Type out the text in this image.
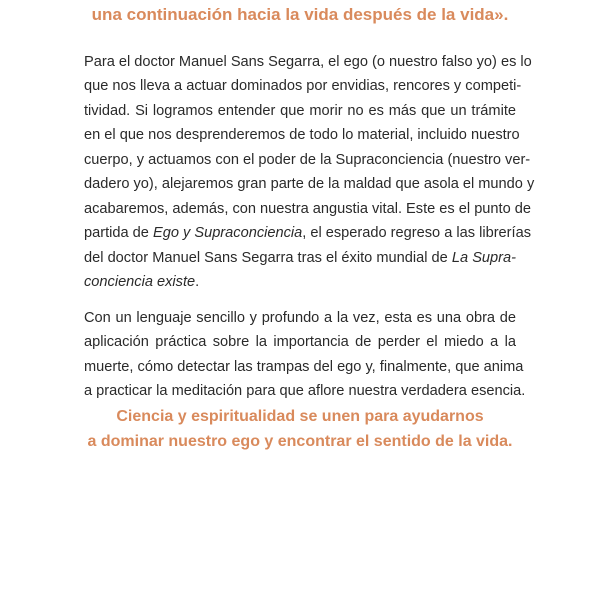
una continuación hacia la vida después de la vida».

Para el doctor Manuel Sans Segarra, el ego (o nuestro falso yo) es lo
que nos lleva a actuar dominados por envidias, rencores y competi-
tividad. Si logramos entender que morir no es más que un trámite
en el que nos desprenderemos de todo lo material, incluido nuestro
cuerpo, y actuamos con el poder de la Supraconciencia (nuestro ver-
dadero yo), alejaremos gran parte de la maldad que asola el mundo y
acabaremos, además, con nuestra angustia vital. Este es el punto de
partida de Ego y Supraconciencia, el esperado regreso a las librerías
del doctor Manuel Sans Segarra tras el éxito mundial de La Supra-
conciencia existe.
Con un lenguaje sencillo y profundo a la vez, esta es una obra de
aplicación práctica sobre la importancia de perder el miedo a la
muerte, cómo detectar las trampas del ego y, finalmente, que anima
a practicar la meditación para que aflore nuestra verdadera esencia.

Ciencia y espiritualidad se unen para ayudarnos
a dominar nuestro ego y encontrar el sentido de la vida.
